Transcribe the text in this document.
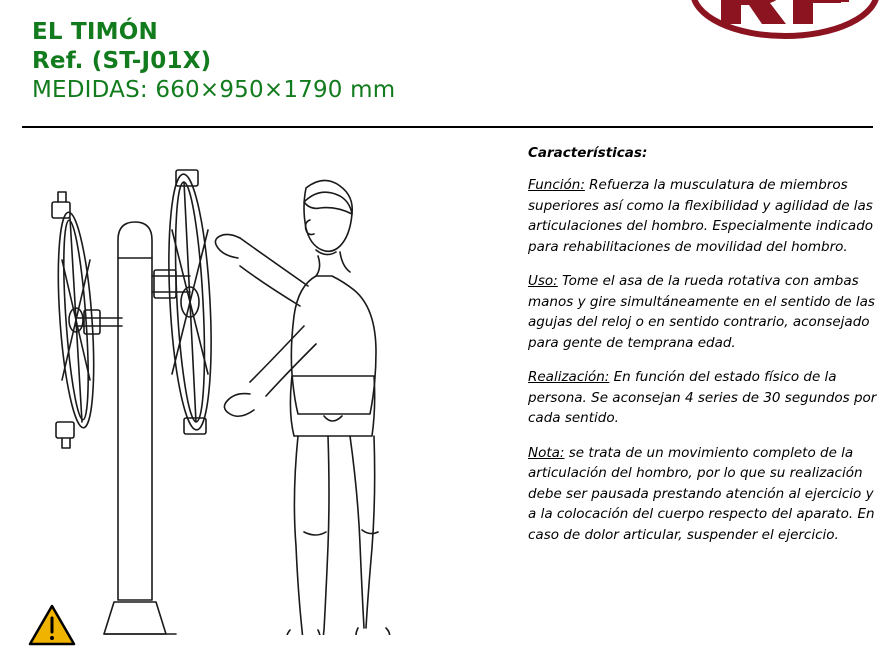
EL TIMÓN
Ref. (ST-J01X)
MEDIDAS: 660×950×1790 mm
Características:
Función: Refuerza la musculatura de miembros superiores así como la flexibilidad y agilidad de las articulaciones del hombro. Especialmente indicado para rehabilitaciones de movilidad del hombro.
Uso: Tome el asa de la rueda rotativa con ambas manos y gire simultáneamente en el sentido de las agujas del reloj o en sentido contrario, aconsejado para gente de temprana edad.
Realización: En función del estado físico de la persona. Se aconsejan 4 series de 30 segundos por cada sentido.
Nota: se trata de un movimiento completo de la articulación del hombro, por lo que su realización debe ser pausada prestando atención al ejercicio y a la colocación del cuerpo respecto del aparato. En caso de dolor articular, suspender el ejercicio.
